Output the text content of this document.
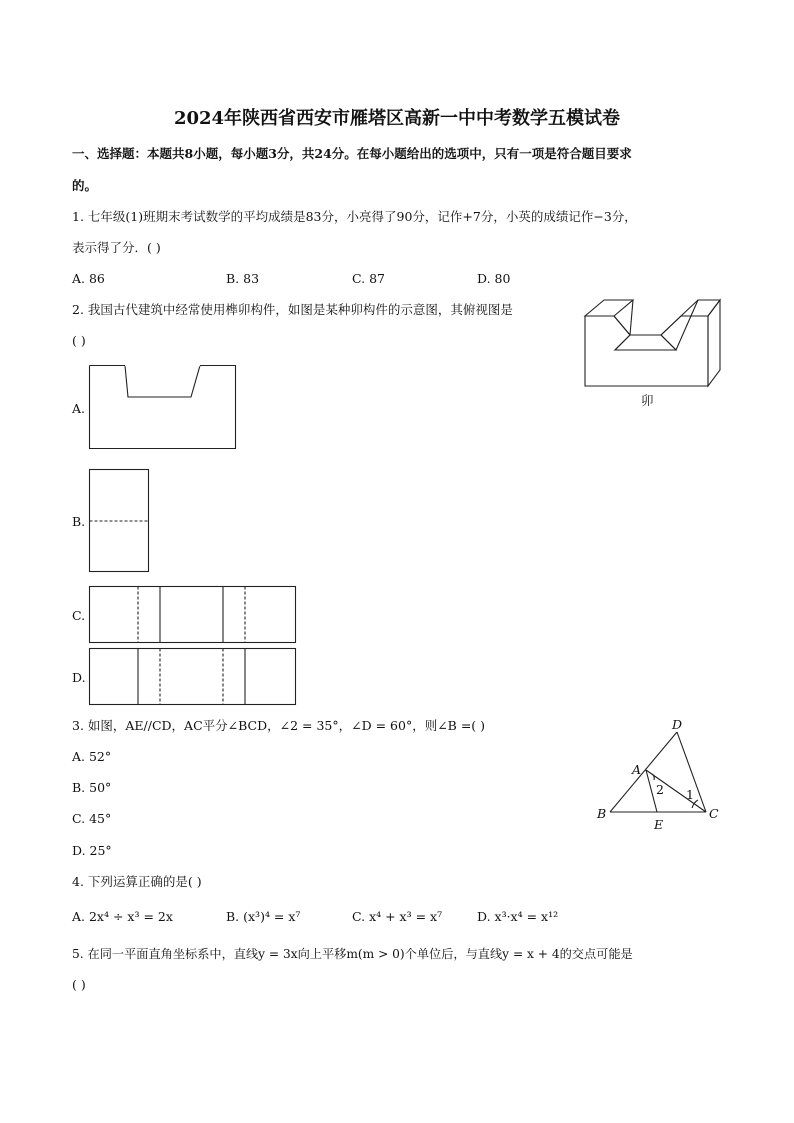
2024年陕西省西安市雁塔区高新一中中考数学五模试卷
一、选择题：本题共8小题，每小题3分，共24分。在每小题给出的选项中，只有一项是符合题目要求
的。
1. 七年级(1)班期末考试数学的平均成绩是83分，小亮得了90分，记作+7分，小英的成绩记作−3分，
表示得了分．( )
A. 86	B. 83	C. 87	D. 80
2. 我国古代建筑中经常使用榫卯构件，如图是某种卯构件的示意图，其俯视图是
( )
卯
A.
B.
C.
D.
3. 如图，AE//CD，AC平分∠BCD，∠2 = 35°，∠D = 60°，则∠B =( )
A. 52°
B. 50°
C. 45°
D. 25°
D
A
B
E
C
1
2
4. 下列运算正确的是( )
A. 2x⁴ ÷ x³ = 2x	B. (x³)⁴ = x⁷	C. x⁴ + x³ = x⁷	D. x³·x⁴ = x¹²
5. 在同一平面直角坐标系中，直线y = 3x向上平移m(m > 0)个单位后，与直线y = x + 4的交点可能是
( )
